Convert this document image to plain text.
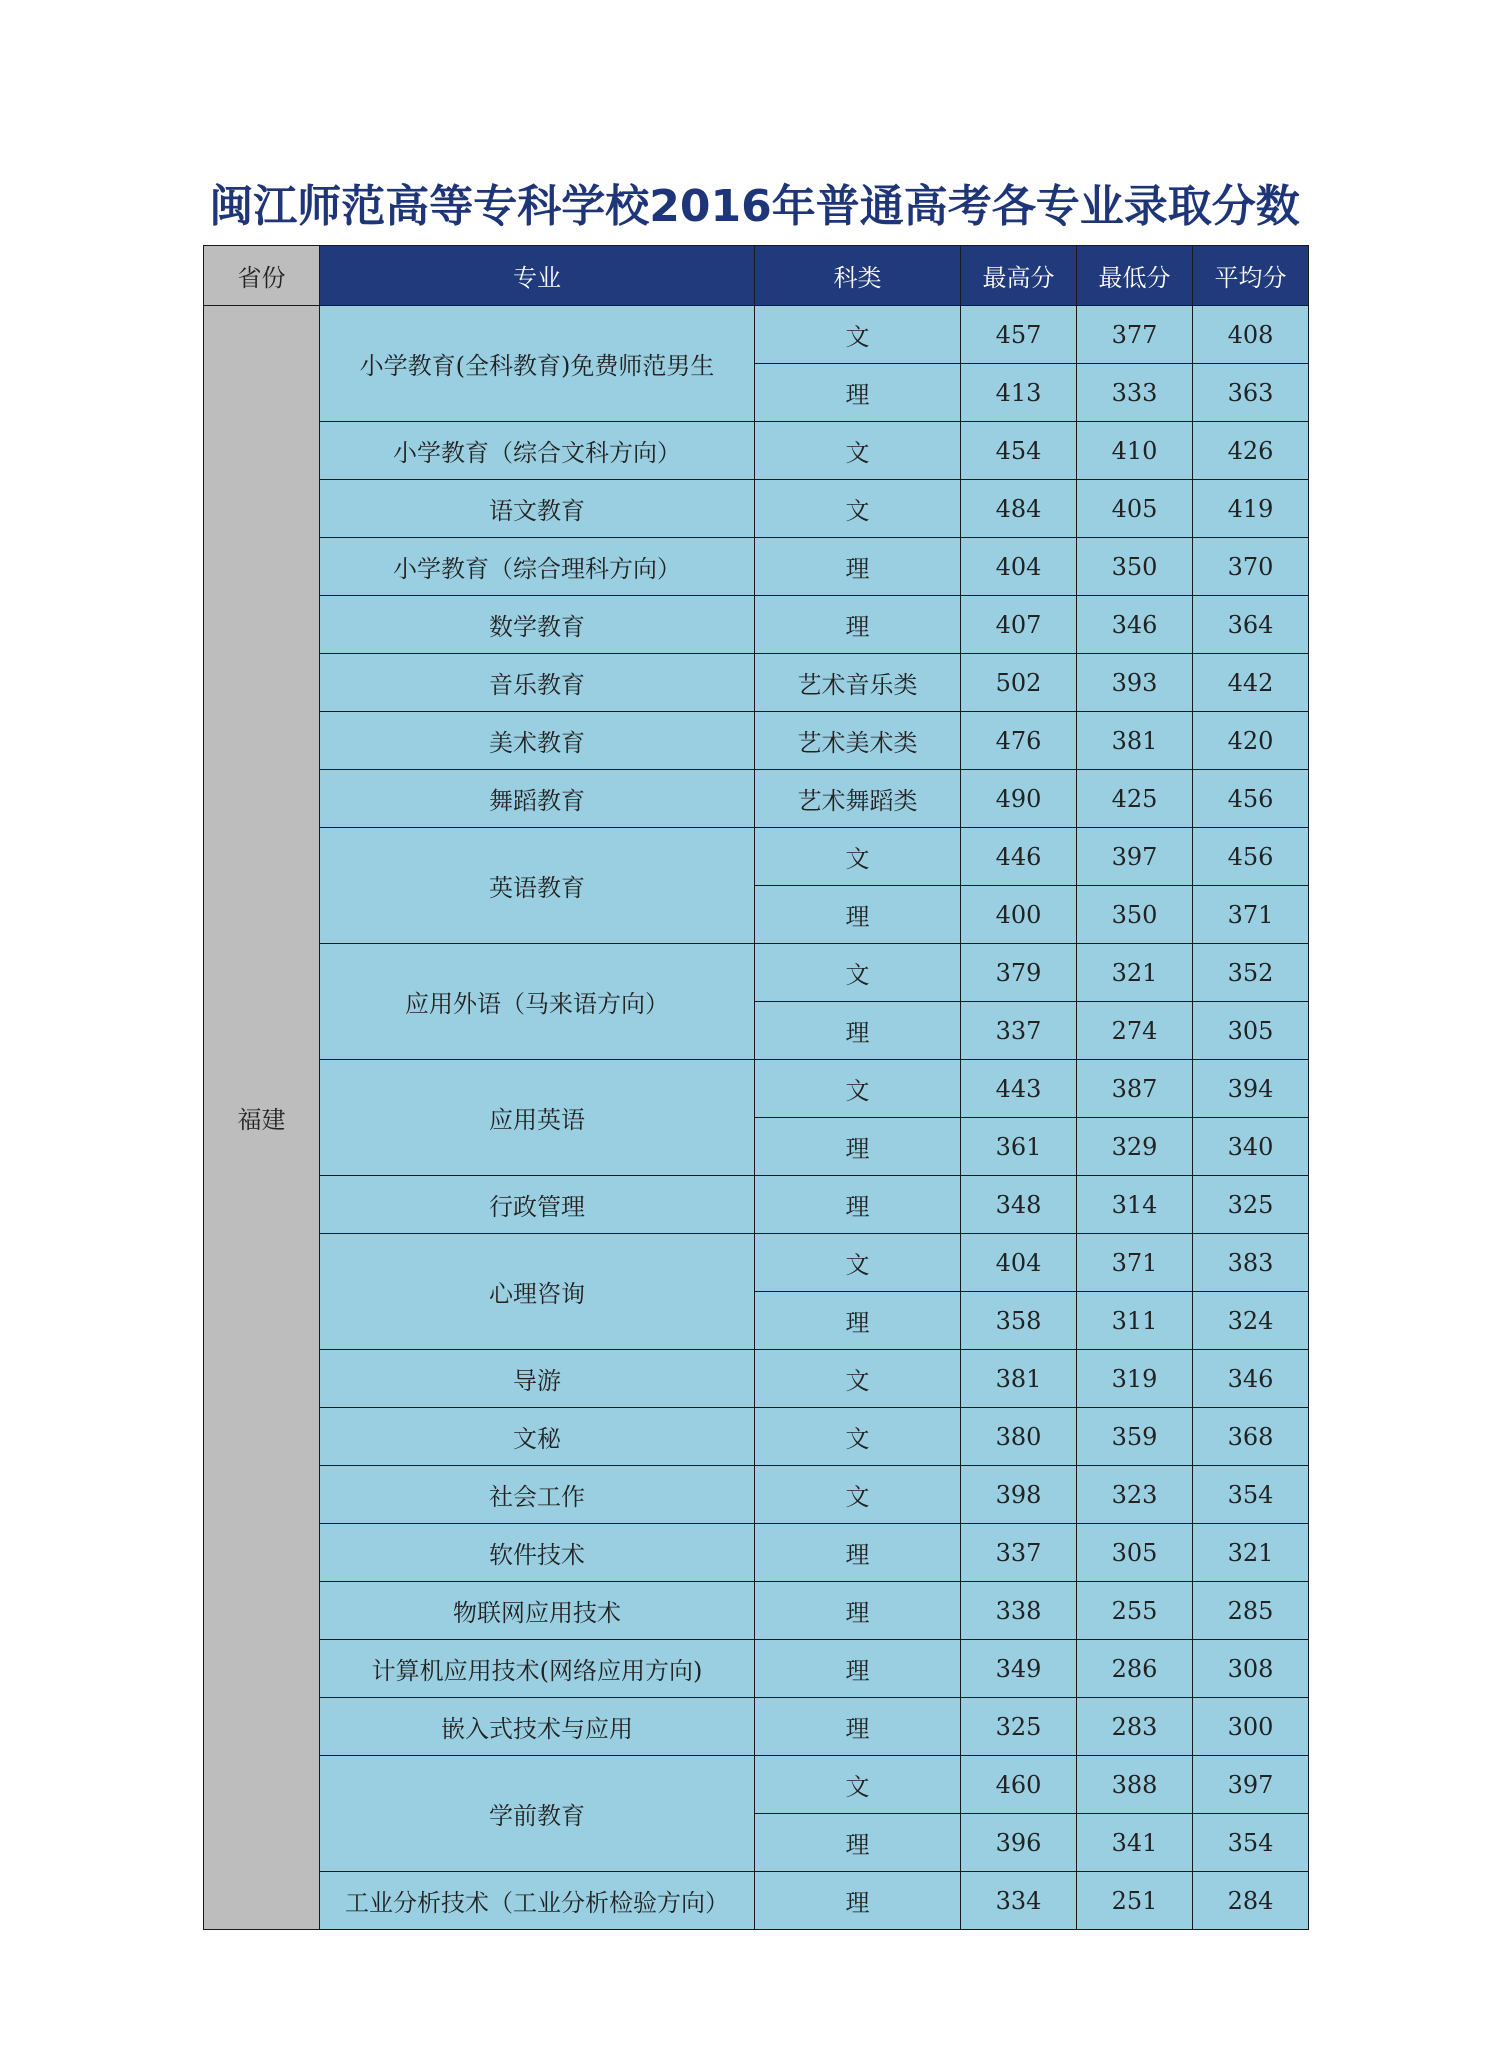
闽江师范高等专科学校2016年普通高考各专业录取分数
省份	专业	科类	最高分	最低分	平均分
福建	小学教育(全科教育)免费师范男生	文	457	377	408
		理	413	333	363
	小学教育（综合文科方向）	文	454	410	426
	语文教育	文	484	405	419
	小学教育（综合理科方向）	理	404	350	370
	数学教育	理	407	346	364
	音乐教育	艺术音乐类	502	393	442
	美术教育	艺术美术类	476	381	420
	舞蹈教育	艺术舞蹈类	490	425	456
	英语教育	文	446	397	456
		理	400	350	371
	应用外语（马来语方向）	文	379	321	352
		理	337	274	305
	应用英语	文	443	387	394
		理	361	329	340
	行政管理	理	348	314	325
	心理咨询	文	404	371	383
		理	358	311	324
	导游	文	381	319	346
	文秘	文	380	359	368
	社会工作	文	398	323	354
	软件技术	理	337	305	321
	物联网应用技术	理	338	255	285
	计算机应用技术(网络应用方向)	理	349	286	308
	嵌入式技术与应用	理	325	283	300
	学前教育	文	460	388	397
		理	396	341	354
	工业分析技术（工业分析检验方向）	理	334	251	284
